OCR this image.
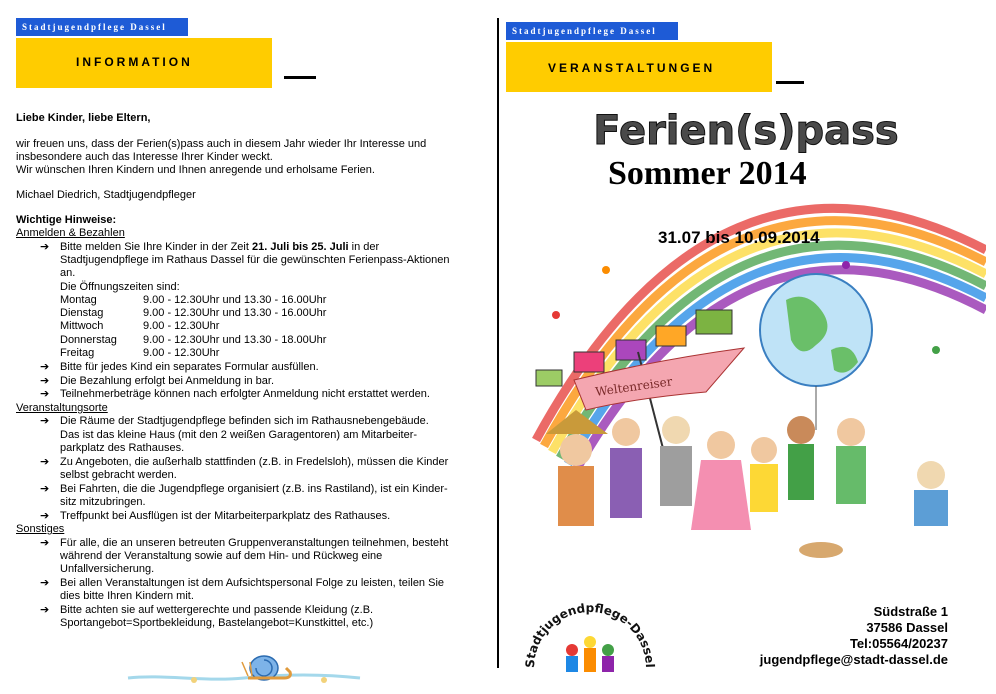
Stadtjugendpflege Dassel
INFORMATION
Liebe Kinder, liebe Eltern,
wir freuen uns, dass der Ferien(s)pass auch in diesem Jahr wieder Ihr Interesse und
insbesondere auch das Interesse Ihrer Kinder weckt.
Wir wünschen Ihren Kindern und Ihnen anregende und erholsame Ferien.
Michael Diedrich, Stadtjugendpfleger
Wichtige Hinweise:
Anmelden & Bezahlen
➔ Bitte melden Sie Ihre Kinder in der Zeit 21. Juli bis 25. Juli in der
Stadtjugendpflege im Rathaus Dassel für die gewünschten Ferienpass-Aktionen
an.
Die Öffnungszeiten sind:
Montag	9.00 - 12.30Uhr und 13.30 - 16.00Uhr
Dienstag	9.00 - 12.30Uhr und 13.30 - 16.00Uhr
Mittwoch	9.00 - 12.30Uhr
Donnerstag 9.00 - 12.30Uhr und 13.30 - 18.00Uhr
Freitag	9.00 - 12.30Uhr
➔ Bitte für jedes Kind ein separates Formular ausfüllen.
➔ Die Bezahlung erfolgt bei Anmeldung in bar.
➔ Teilnehmerbeträge können nach erfolgter Anmeldung nicht erstattet werden.
Veranstaltungsorte
➔ Die Räume der Stadtjugendpflege befinden sich im Rathausnebengebäude.
Das ist das kleine Haus (mit den 2 weißen Garagentoren) am Mitarbeiter-
parkplatz des Rathauses.
➔ Zu Angeboten, die außerhalb stattfinden (z.B. in Fredelsloh), müssen die Kinder
selbst gebracht werden.
➔ Bei Fahrten, die die Jugendpflege organisiert (z.B. ins Rastiland), ist ein Kinder-
sitz mitzubringen.
➔ Treffpunkt bei Ausflügen ist der Mitarbeiterparkplatz des Rathauses.
Sonstiges
➔ Für alle, die an unseren betreuten Gruppenveranstaltungen teilnehmen, besteht
während der Veranstaltung sowie auf dem Hin- und Rückweg eine
Unfallversicherung.
➔ Bei allen Veranstaltungen ist dem Aufsichtspersonal Folge zu leisten, teilen Sie
dies bitte Ihren Kindern mit.
➔ Bitte achten sie auf wettergerechte und passende Kleidung (z.B.
Sportangebot=Sportbekleidung, Bastelangebot=Kunstkittel, etc.)
Stadtjugendpflege Dassel
VERANSTALTUNGEN
Weltenreiser
Ferien(s)pass
Sommer 2014
31.07 bis 10.09.2014
Stadtjugendpflege-Dassel
Südstraße 1
37586 Dassel
Tel:05564/20237
jugendpflege@stadt-dassel.de
